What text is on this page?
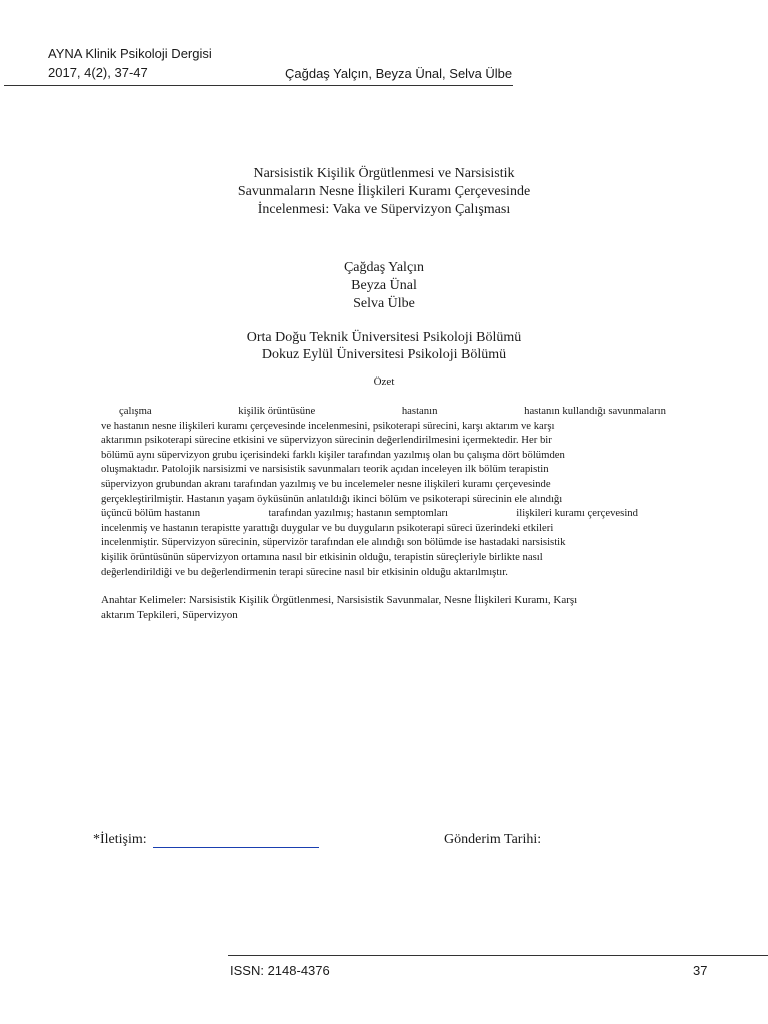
AYNA Klinik Psikoloji Dergisi
2017, 4(2), 37-47	Çağdaş Yalçın, Beyza Ünal, Selva Ülbe
Narsisistik Kişilik Örgütlenmesi ve Narsisistik
Savunmaların Nesne İlişkileri Kuramı Çerçevesinde
İncelenmesi: Vaka ve Süpervizyon Çalışması
Çağdaş Yalçın
Beyza Ünal
Selva Ülbe
Orta Doğu Teknik Üniversitesi Psikoloji Bölümü
Dokuz Eylül Üniversitesi Psikoloji Bölümü
Özet
çalışma	kişilik örüntüsüne	hastanın	hastanın kullandığı savunmaların
ve hastanın nesne ilişkileri kuramı çerçevesinde incelenmesini, psikoterapi sürecini, karşı aktarım ve karşı
aktarımın psikoterapi sürecine etkisini ve süpervizyon sürecinin değerlendirilmesini içermektedir. Her bir
bölümü aynı süpervizyon grubu içerisindeki farklı kişiler tarafından yazılmış olan bu çalışma dört bölümden
oluşmaktadır. Patolojik narsisizmi ve narsisistik savunmaları teorik açıdan inceleyen ilk bölüm terapistin
süpervizyon grubundan akranı tarafından yazılmış ve bu incelemeler nesne ilişkileri kuramı çerçevesinde
gerçekleştirilmiştir. Hastanın yaşam öyküsünün anlatıldığı ikinci bölüm ve psikoterapi sürecinin ele alındığı
üçüncü bölüm hastanın	tarafından yazılmış; hastanın semptomları	ilişkileri kuramı çerçevesind
incelenmiş ve hastanın terapistte yarattığı duygular ve bu duyguların psikoterapi süreci üzerindeki etkileri
incelenmiştir. Süpervizyon sürecinin, süpervizör tarafından ele alındığı son bölümde ise hastadaki narsisistik
kişilik örüntüsünün süpervizyon ortamına nasıl bir etkisinin olduğu, terapistin süreçleriyle birlikte nasıl
değerlendirildiği ve bu değerlendirmenin terapi sürecine nasıl bir etkisinin olduğu aktarılmıştır.
Anahtar Kelimeler: Narsisistik Kişilik Örgütlenmesi, Narsisistik Savunmalar, Nesne İlişkileri Kuramı, Karşı
aktarım Tepkileri, Süpervizyon
*İletişim:	Gönderim Tarihi:
ISSN: 2148-4376	37
